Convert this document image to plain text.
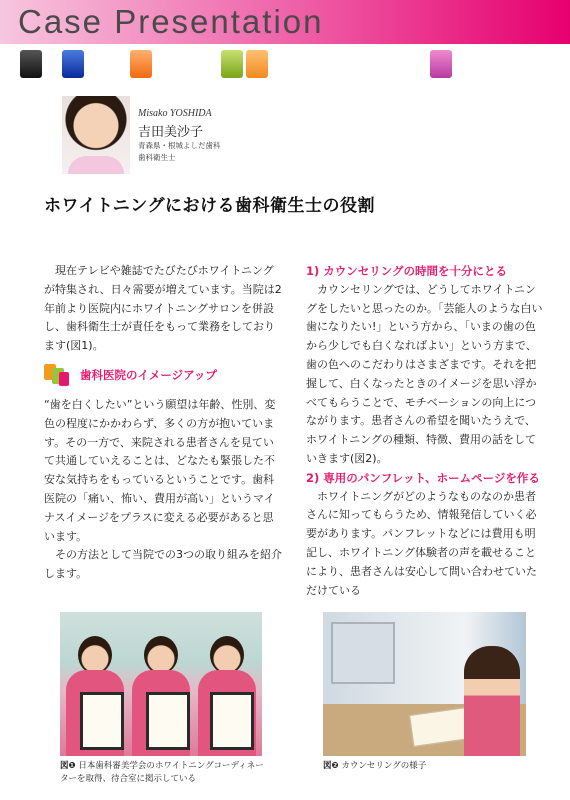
Case Presentation
Misako YOSHIDA
吉田美沙子
青森県・根城よしだ歯科
歯科衛生士
ホワイトニングにおける歯科衛生士の役割

　現在テレビや雑誌でたびたびホワイトニングが特集され、日々需要が増えています。当院は2年前より医院内にホワイトニングサロンを併設し、歯科衛生士が責任をもって業務をしております(図1)。

歯科医院のイメージアップ

“歯を白くしたい”という願望は年齢、性別、変色の程度にかかわらず、多くの方が抱いています。その一方で、来院される患者さんを見ていて共通していえることは、どなたも緊張した不安な気持ちをもっているということです。歯科医院の「痛い、怖い、費用が高い」というマイナスイメージをプラスに変える必要があると思います。

　その方法として当院での3つの取り組みを紹介します。

1) カウンセリングの時間を十分にとる

　カウンセリングでは、どうしてホワイトニングをしたいと思ったのか。「芸能人のような白い歯になりたい!」という方から、「いまの歯の色から少しでも白くなればよい」という方まで、歯の色へのこだわりはさまざまです。それを把握して、白くなったときのイメージを思い浮かべてもらうことで、モチベーションの向上につながります。患者さんの希望を聞いたうえで、ホワイトニングの種類、特徴、費用の話をしていきます(図2)。

2) 専用のパンフレット、ホームページを作る

　ホワイトニングがどのようなものなのか患者さんに知ってもらうため、情報発信していく必要があります。パンフレットなどには費用も明記し、ホワイトニング体験者の声を載せることにより、患者さんは安心して問い合わせていただけている

図❶ 日本歯科審美学会のホワイトニングコーディネーターを取得、待合室に掲示している
図❷ カウンセリングの様子
